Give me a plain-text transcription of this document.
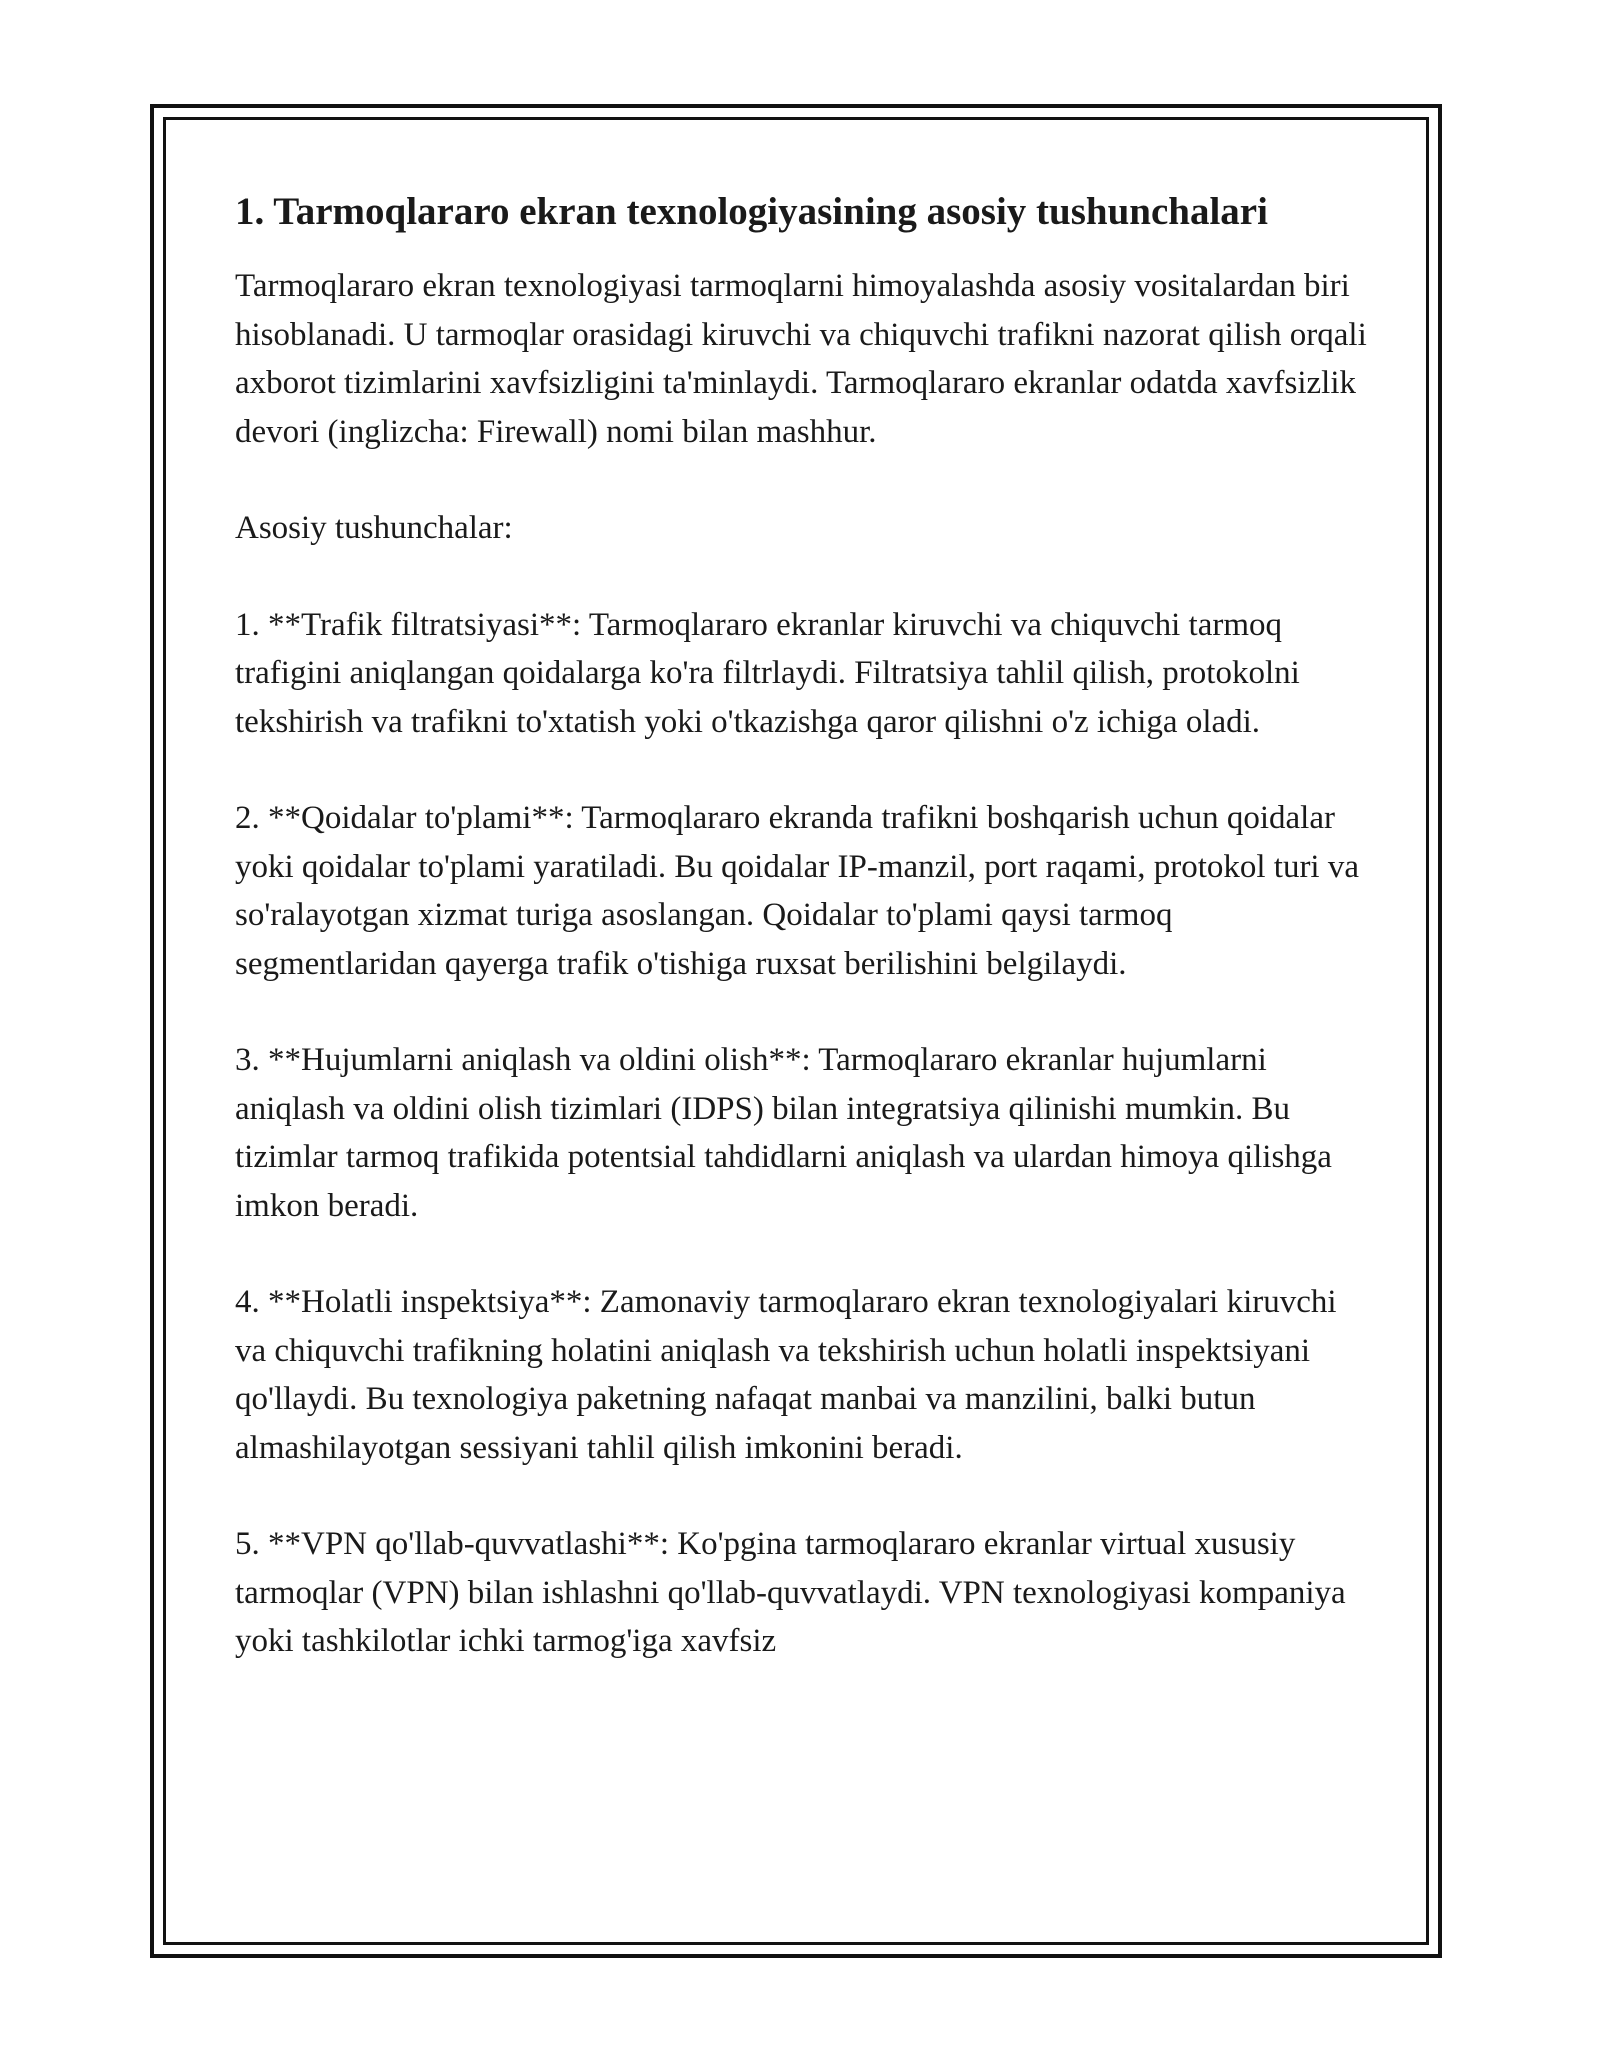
1. Tarmoqlararo ekran texnologiyasining asosiy tushunchalari

Tarmoqlararo ekran texnologiyasi tarmoqlarni himoyalashda asosiy vositalardan biri hisoblanadi. U tarmoqlar orasidagi kiruvchi va chiquvchi trafikni nazorat qilish orqali axborot tizimlarini xavfsizligini ta'minlaydi. Tarmoqlararo ekranlar odatda xavfsizlik devori (inglizcha: Firewall) nomi bilan mashhur.

Asosiy tushunchalar:

1. **Trafik filtratsiyasi**: Tarmoqlararo ekranlar kiruvchi va chiquvchi tarmoq trafigini aniqlangan qoidalarga ko'ra filtrlaydi. Filtratsiya tahlil qilish, protokolni tekshirish va trafikni to'xtatish yoki o'tkazishga qaror qilishni o'z ichiga oladi.

2. **Qoidalar to'plami**: Tarmoqlararo ekranda trafikni boshqarish uchun qoidalar yoki qoidalar to'plami yaratiladi. Bu qoidalar IP-manzil, port raqami, protokol turi va so'ralayotgan xizmat turiga asoslangan. Qoidalar to'plami qaysi tarmoq segmentlaridan qayerga trafik o'tishiga ruxsat berilishini belgilaydi.

3. **Hujumlarni aniqlash va oldini olish**: Tarmoqlararo ekranlar hujumlarni aniqlash va oldini olish tizimlari (IDPS) bilan integratsiya qilinishi mumkin. Bu tizimlar tarmoq trafikida potentsial tahdidlarni aniqlash va ulardan himoya qilishga imkon beradi.

4. **Holatli inspektsiya**: Zamonaviy tarmoqlararo ekran texnologiyalari kiruvchi va chiquvchi trafikning holatini aniqlash va tekshirish uchun holatli inspektsiyani qo'llaydi. Bu texnologiya paketning nafaqat manbai va manzilini, balki butun almashilayotgan sessiyani tahlil qilish imkonini beradi.

5. **VPN qo'llab-quvvatlashi**: Ko'pgina tarmoqlararo ekranlar virtual xususiy tarmoqlar (VPN) bilan ishlashni qo'llab-quvvatlaydi. VPN texnologiyasi kompaniya yoki tashkilotlar ichki tarmog'iga xavfsiz
